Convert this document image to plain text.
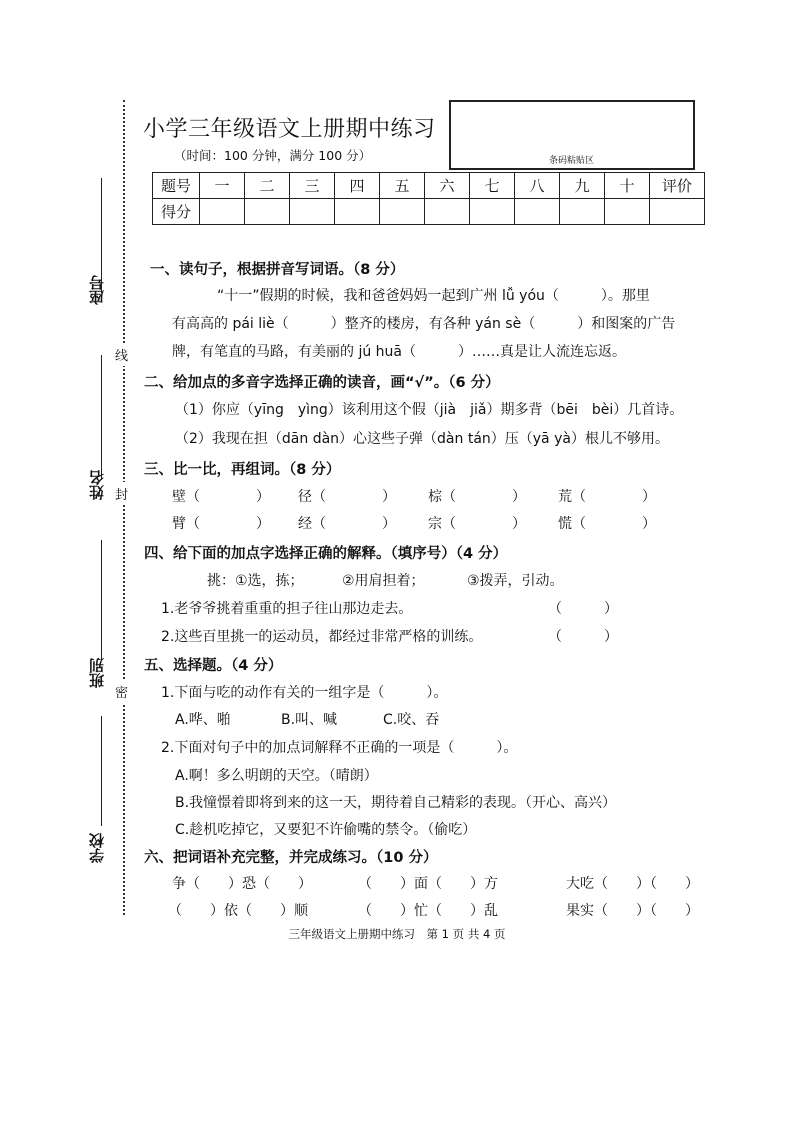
座号
姓名
班别
学校
线
封
密
小学三年级语文上册期中练习
（时间：100 分钟，满分 100 分）	条码粘贴区
题号	一	二	三	四	五	六	七	八	九	十	评价
得分											
一、读句子，根据拼音写词语。（8 分）
“十一”假期的时候，我和爸爸妈妈一起到广州 lǚ yóu（　　　）。那里
有高高的 pái liè（　　　）整齐的楼房，有各种 yán sè（　　　）和图案的广告
牌，有笔直的马路，有美丽的 jú huā（　　　）……真是让人流连忘返。
二、给加点的多音字选择正确的读音，画“√”。（6 分）
（1）你应（yīng　yìng）该利用这个假（jià　jiǎ）期多背（bēi　bèi）几首诗。
（2）我现在担（dān dàn）心这些子弹（dàn tán）压（yā yà）根儿不够用。
三、比一比，再组词。（8 分）
壁（　　　　） 径（　　　　） 棕（　　　　） 荒（　　　　）
臂（　　　　） 经（　　　　） 宗（　　　　） 慌（　　　　）
四、给下面的加点字选择正确的解释。（填序号）（4 分）
挑：①选，拣；	②用肩担着；	③拨弄，引动。
1.老爷爷挑着重重的担子往山那边走去。	（　　　）
2.这些百里挑一的运动员，都经过非常严格的训练。	（　　　）
五、选择题。（4 分）
1.下面与吃的动作有关的一组字是（　　　）。
A.哗、啪	B.叫、喊	C.咬、吞
2.下面对句子中的加点词解释不正确的一项是（　　　）。
A.啊！多么明朗的天空。（晴朗）
B.我憧憬着即将到来的这一天，期待着自己精彩的表现。（开心、高兴）
C.趁机吃掉它，又要犯不许偷嘴的禁令。（偷吃）
六、把词语补充完整，并完成练习。（10 分）
争（　　）恐（　　）	（　　）面（　　）方	大吃（　　）（　　）
（　　）依（　　）顺	（　　）忙（　　）乱	果实（　　）（　　）
三年级语文上册期中练习　第 1 页 共 4 页
